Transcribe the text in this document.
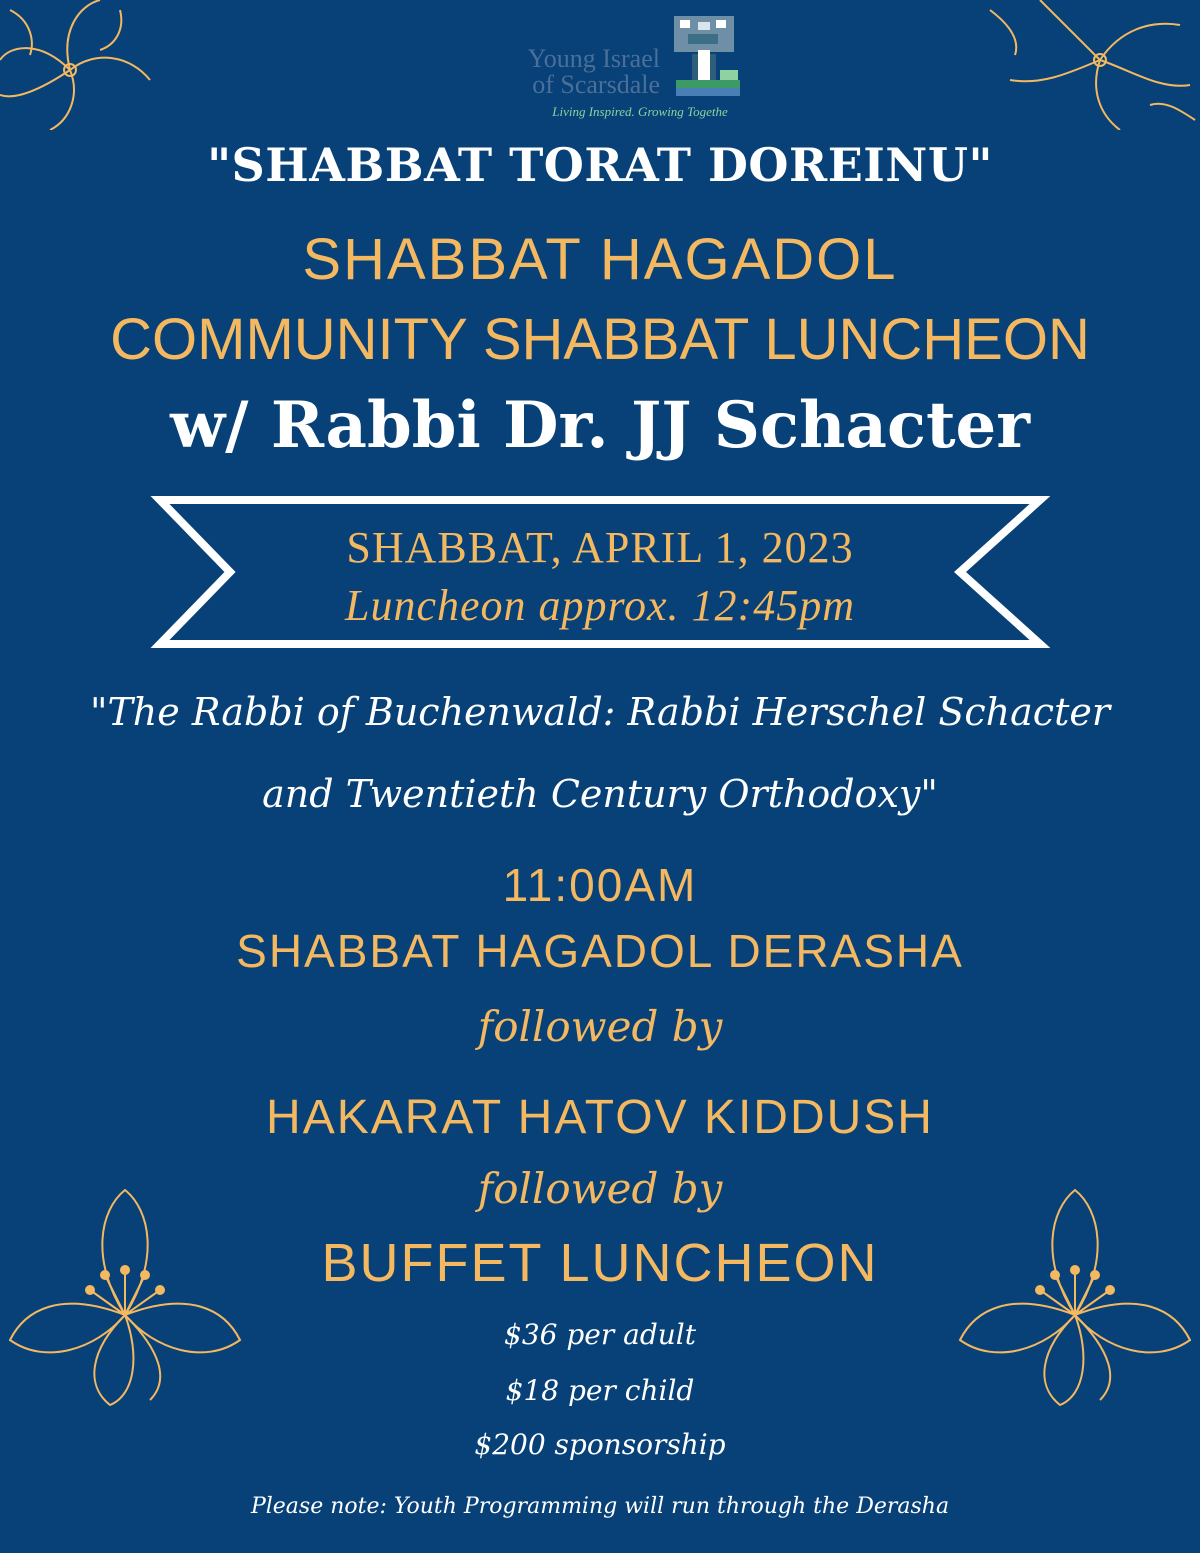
Young Israel
of Scarsdale
Living Inspired. Growing Togethe
"SHABBAT TORAT DOREINU"
SHABBAT HAGADOL
COMMUNITY SHABBAT LUNCHEON
w/ Rabbi Dr. JJ Schacter
SHABBAT, APRIL 1, 2023
Luncheon approx. 12:45pm
"The Rabbi of Buchenwald: Rabbi Herschel Schacter
and Twentieth Century Orthodoxy"
11:00AM
SHABBAT HAGADOL DERASHA
followed by
HAKARAT HATOV KIDDUSH
followed by
BUFFET LUNCHEON
$36 per adult
$18 per child
$200 sponsorship
Please note: Youth Programming will run through the Derasha
